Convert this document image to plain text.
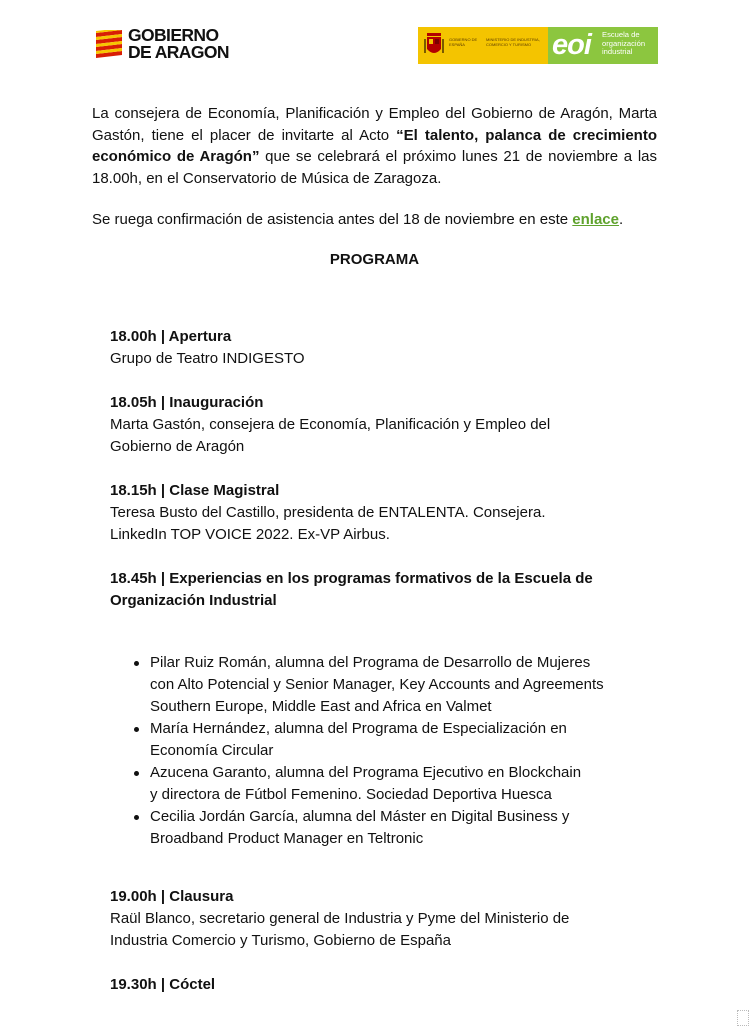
GOBIERNO
DE ARAGON
GOBIERNO DE ESPAÑA
MINISTERIO DE INDUSTRIA, COMERCIO Y TURISMO eoi Escuela de organización industrial

La consejera de Economía, Planificación y Empleo del Gobierno de Aragón, Marta Gastón, tiene el placer de invitarte al Acto “El talento, palanca de crecimiento económico de Aragón” que se celebrará el próximo lunes 21 de noviembre a las 18.00h, en el Conservatorio de Música de Zaragoza.

Se ruega confirmación de asistencia antes del 18 de noviembre en este enlace.

PROGRAMA
18.00h | Apertura
Grupo de Teatro INDIGESTO
18.05h | Inauguración
Marta Gastón, consejera de Economía, Planificación y Empleo del
Gobierno de Aragón
18.15h | Clase Magistral
Teresa Busto del Castillo, presidenta de ENTALENTA. Consejera.
LinkedIn TOP VOICE 2022. Ex-VP Airbus.
18.45h | Experiencias en los programas formativos de la Escuela de
Organización Industrial
Pilar Ruiz Román, alumna del Programa de Desarrollo de Mujeres
con Alto Potencial y Senior Manager, Key Accounts and Agreements
Southern Europe, Middle East and Africa en Valmet
María Hernández, alumna del Programa de Especialización en
Economía Circular
Azucena Garanto, alumna del Programa Ejecutivo en Blockchain
y directora de Fútbol Femenino. Sociedad Deportiva Huesca
Cecilia Jordán García, alumna del Máster en Digital Business y
Broadband Product Manager en Teltronic
19.00h | Clausura
Raül Blanco, secretario general de Industria y Pyme del Ministerio de
Industria Comercio y Turismo, Gobierno de España
19.30h | Cóctel
